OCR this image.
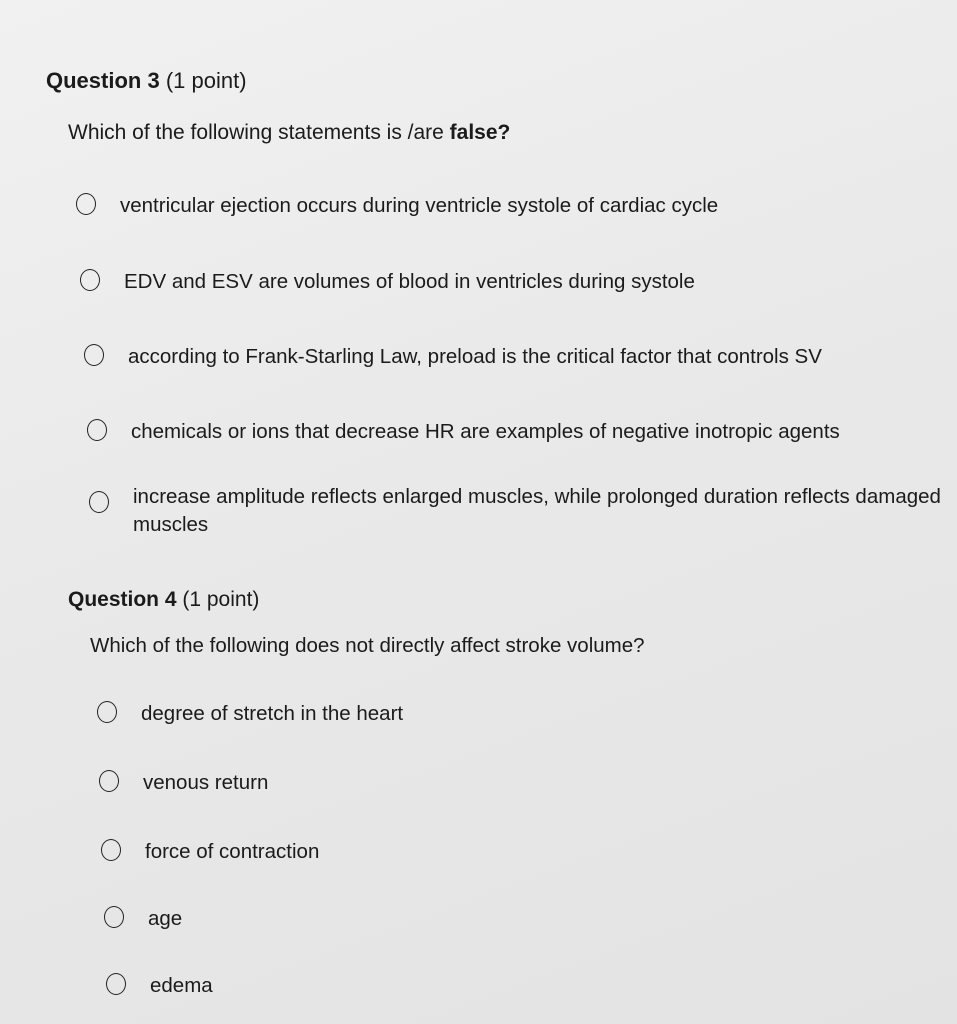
Question 3 (1 point)
Which of the following statements is /are false?
ventricular ejection occurs during ventricle systole of cardiac cycle
EDV and ESV are volumes of blood in ventricles during systole
according to Frank-Starling Law, preload is the critical factor that controls SV
chemicals or ions that decrease HR are examples of negative inotropic agents
increase amplitude reflects enlarged muscles, while prolonged duration reflects damaged muscles
Question 4 (1 point)
Which of the following does not directly affect stroke volume?
degree of stretch in the heart
venous return
force of contraction
age
edema
